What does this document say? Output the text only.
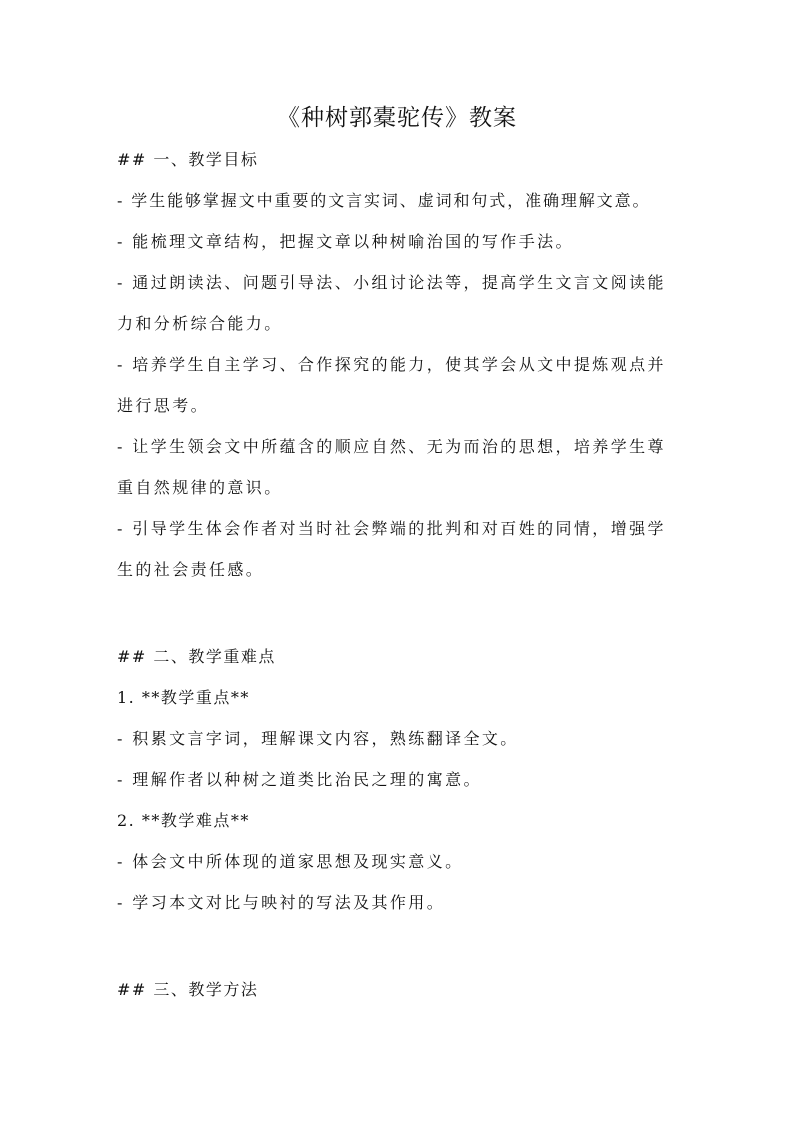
《种树郭橐驼传》教案
## 一、教学目标
- 学生能够掌握文中重要的文言实词、虚词和句式，准确理解文意。
- 能梳理文章结构，把握文章以种树喻治国的写作手法。
- 通过朗读法、问题引导法、小组讨论法等，提高学生文言文阅读能
力和分析综合能力。
- 培养学生自主学习、合作探究的能力，使其学会从文中提炼观点并
进行思考。
- 让学生领会文中所蕴含的顺应自然、无为而治的思想，培养学生尊
重自然规律的意识。
- 引导学生体会作者对当时社会弊端的批判和对百姓的同情，增强学
生的社会责任感。
## 二、教学重难点
1. **教学重点**
- 积累文言字词，理解课文内容，熟练翻译全文。
- 理解作者以种树之道类比治民之理的寓意。
2. **教学难点**
- 体会文中所体现的道家思想及现实意义。
- 学习本文对比与映衬的写法及其作用。
## 三、教学方法
